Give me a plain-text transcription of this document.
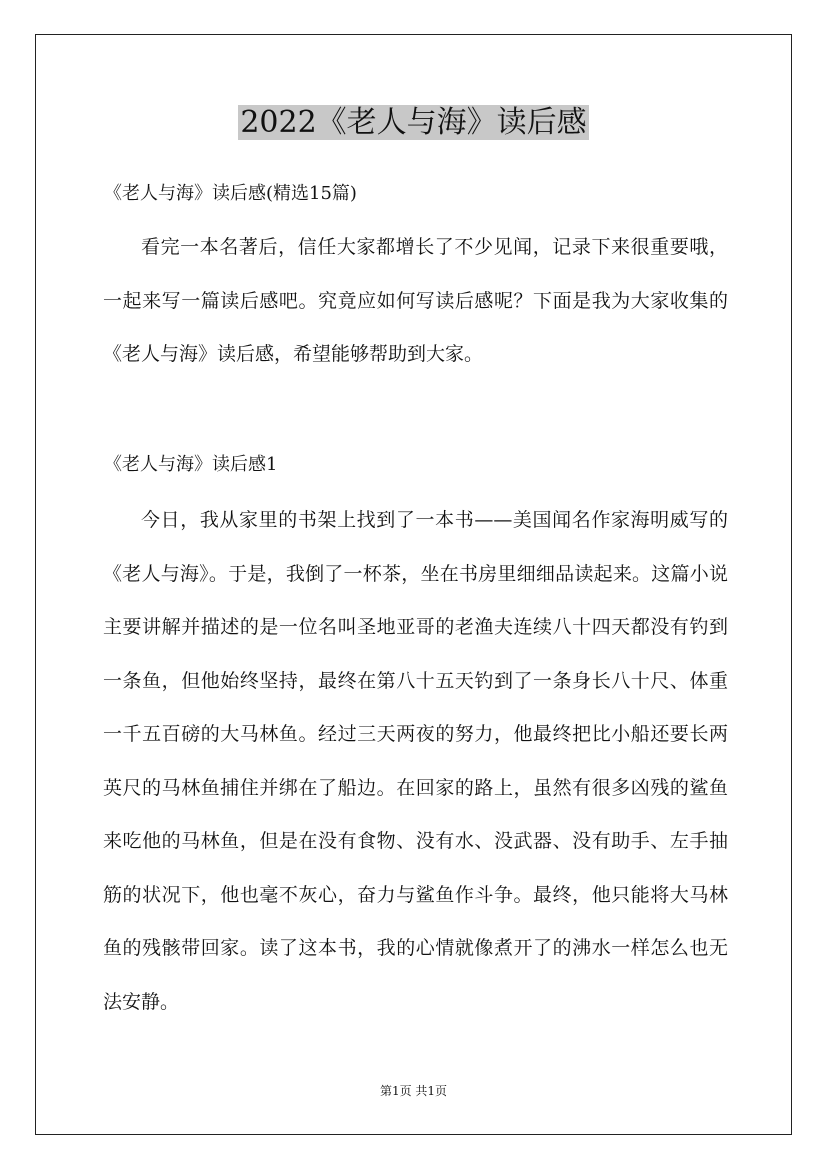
2022《老人与海》读后感
《老人与海》读后感(精选15篇)

看完一本名著后，信任大家都增长了不少见闻，记录下来很重要哦，一起来写一篇读后感吧。究竟应如何写读后感呢？下面是我为大家收集的《老人与海》读后感，希望能够帮助到大家。

《老人与海》读后感1

今日，我从家里的书架上找到了一本书——美国闻名作家海明威写的《老人与海》。于是，我倒了一杯茶，坐在书房里细细品读起来。这篇小说主要讲解并描述的是一位名叫圣地亚哥的老渔夫连续八十四天都没有钓到一条鱼，但他始终坚持，最终在第八十五天钓到了一条身长八十尺、体重一千五百磅的大马林鱼。经过三天两夜的努力，他最终把比小船还要长两英尺的马林鱼捕住并绑在了船边。在回家的路上，虽然有很多凶残的鲨鱼来吃他的马林鱼，但是在没有食物、没有水、没武器、没有助手、左手抽筋的状况下，他也毫不灰心，奋力与鲨鱼作斗争。最终，他只能将大马林鱼的残骸带回家。读了这本书，我的心情就像煮开了的沸水一样怎么也无法安静。

第1页 共1页
